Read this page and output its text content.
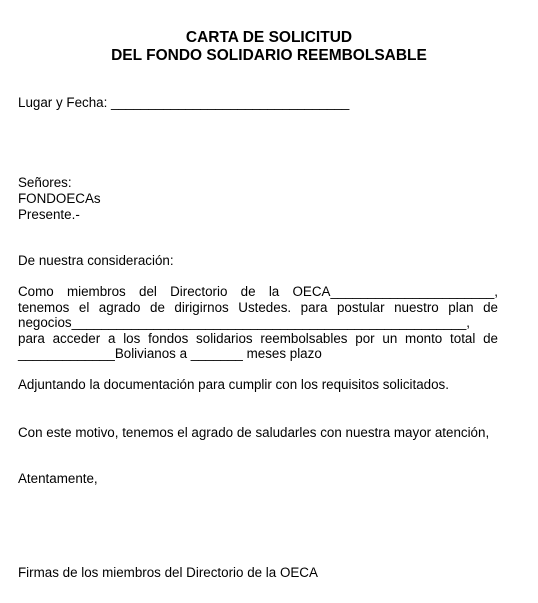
CARTA DE SOLICITUD
DEL FONDO SOLIDARIO REEMBOLSABLE
Lugar y Fecha: ________________________________
Señores:
FONDOECAs
Presente.-
De nuestra consideración:
Como miembros del Directorio de la OECA______________________,
tenemos el agrado de dirigirnos Ustedes. para postular nuestro plan de
negocios_____________________________________________________,
para acceder a los fondos solidarios reembolsables por un monto total de
_____________Bolivianos a _______ meses plazo
Adjuntando la documentación para cumplir con los requisitos solicitados.
Con este motivo, tenemos el agrado de saludarles con nuestra mayor atención,
Atentamente,
Firmas de los miembros del Directorio de la OECA
